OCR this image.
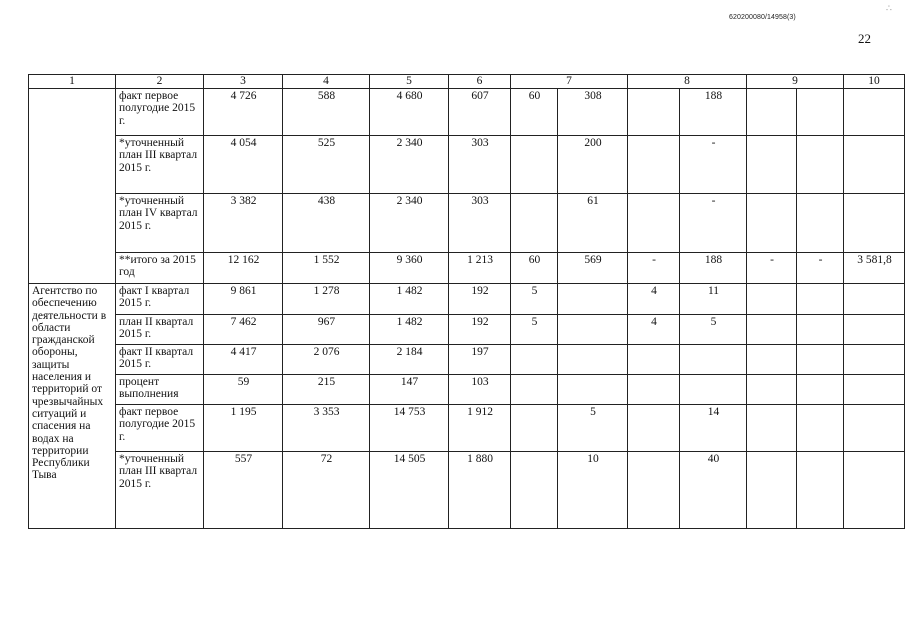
∴
620200080/14958(3)
22
1	2	3	4	5	6	7		8		9		10
	факт первое полугодие 2015 г.	4 726	588	4 680	607	60	308		188			
	*уточненный план III квартал 2015 г.	4 054	525	2 340	303		200		-			
	*уточненный план IV квартал 2015 г.	3 382	438	2 340	303		61		-			
	**итого за 2015 год	12 162	1 552	9 360	1 213	60	569	-	188	-	-	3 581,8
Агентство по обеспечению деятельности в области гражданской обороны, защиты населения и территорий от чрезвычайных ситуаций и спасения на водах на территории Республики Тыва	факт I квартал 2015 г.	9 861	1 278	1 482	192	5		4	11			
	план II квартал 2015 г.	7 462	967	1 482	192	5		4	5			
	факт II квартал 2015 г.	4 417	2 076	2 184	197							
	процент выполнения	59	215	147	103							
	факт первое полугодие 2015 г.	1 195	3 353	14 753	1 912		5		14			
	*уточненный план III квартал 2015 г.	557	72	14 505	1 880		10		40			
